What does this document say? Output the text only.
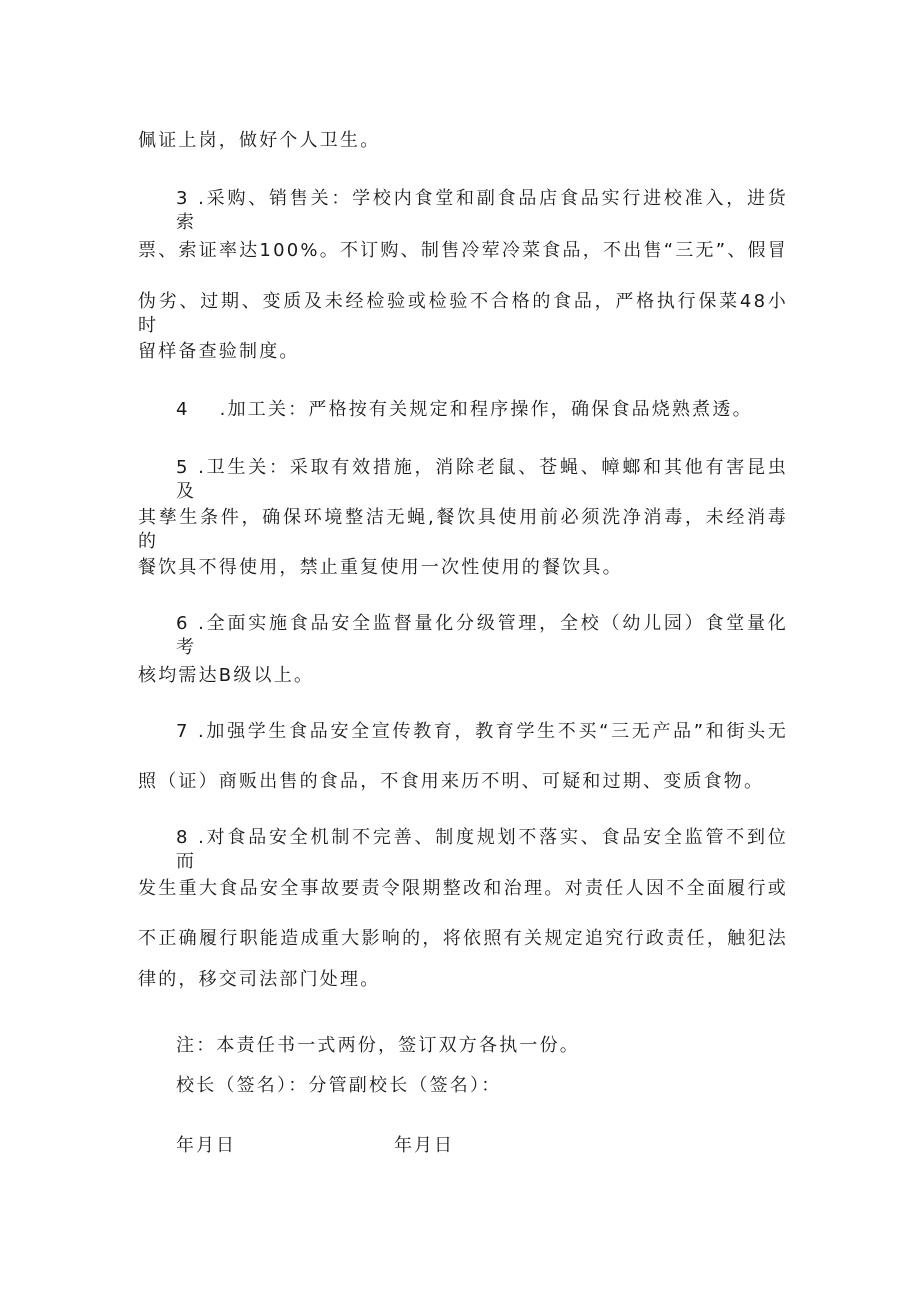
佩证上岗，做好个人卫生。
3 .采购、销售关：学校内食堂和副食品店食品实行进校准入，进货索
票、索证率达100%。不订购、制售冷荤冷菜食品，不出售“三无”、假冒
伪劣、过期、变质及未经检验或检验不合格的食品，严格执行保菜48小时
留样备查验制度。
4 .加工关：严格按有关规定和程序操作，确保食品烧熟煮透。
5 .卫生关：采取有效措施，消除老鼠、苍蝇、幛螂和其他有害昆虫及
其孳生条件，确保环境整洁无蝇,餐饮具使用前必须洗净消毒，未经消毒的
餐饮具不得使用，禁止重复使用一次性使用的餐饮具。
6 .全面实施食品安全监督量化分级管理，全校（幼儿园）食堂量化考
核均需达B级以上。
7 .加强学生食品安全宣传教育，教育学生不买“三无产品”和街头无
照（证）商贩出售的食品，不食用来历不明、可疑和过期、变质食物。
8 .对食品安全机制不完善、制度规划不落实、食品安全监管不到位而
发生重大食品安全事故要责令限期整改和治理。对责任人因不全面履行或
不正确履行职能造成重大影响的，将依照有关规定追究行政责任，触犯法
律的，移交司法部门处理。
注：本责任书一式两份，签订双方各执一份。
校长（签名）：分管副校长（签名）：
年月日	年月日
